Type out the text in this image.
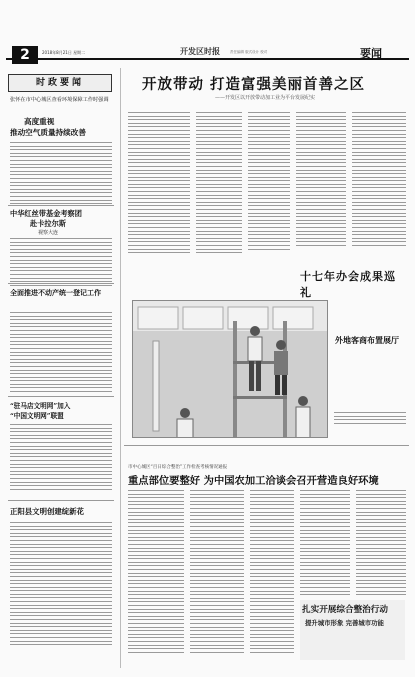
2	2018年8月21日 星期二	开发区时报	责任编辑 版式设计 校对	要闻
时政要闻
张怀在市中心城区查看环境保障工作时强调
高度重视
推动空气质量持续改善
中华红丝带基金考察团
赴卡拉尔斯
视察大连
全面推进不动产统一登记工作
“驻马店文明网”加入
“中国文明网”联盟
正阳县文明创建绽新花
开放带动 打造富强美丽首善之区
——开发区以开放带动加工业为平台发展纪实
十七年办会成果巡礼
外地客商布置展厅
市中心城区“百日综合整治”工作检查考核情况通报
重点部位要整好 为中国农加工洽谈会召开营造良好环境
扎实开展综合整治行动
提升城市形象 完善城市功能
